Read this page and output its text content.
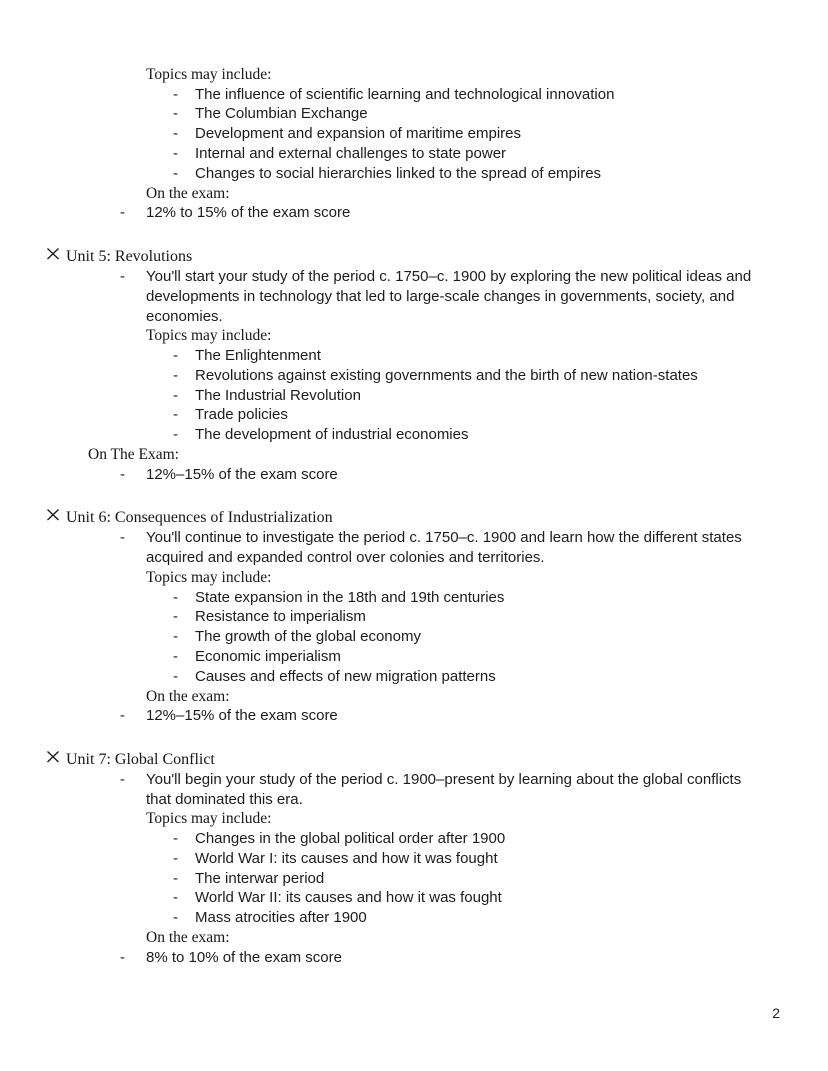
Topics may include:
- The influence of scientific learning and technological innovation
- The Columbian Exchange
- Development and expansion of maritime empires
- Internal and external challenges to state power
- Changes to social hierarchies linked to the spread of empires
On the exam:
- 12% to 15% of the exam score
Unit 5: Revolutions
- You'll start your study of the period c. 1750–c. 1900 by exploring the new political ideas and developments in technology that led to large-scale changes in governments, society, and economies.
Topics may include:
- The Enlightenment
- Revolutions against existing governments and the birth of new nation-states
- The Industrial Revolution
- Trade policies
- The development of industrial economies
On The Exam:
- 12%–15% of the exam score
Unit 6: Consequences of Industrialization
- You'll continue to investigate the period c. 1750–c. 1900 and learn how the different states acquired and expanded control over colonies and territories.
Topics may include:
- State expansion in the 18th and 19th centuries
- Resistance to imperialism
- The growth of the global economy
- Economic imperialism
- Causes and effects of new migration patterns
On the exam:
- 12%–15% of the exam score
Unit 7: Global Conflict
- You'll begin your study of the period c. 1900–present by learning about the global conflicts that dominated this era.
Topics may include:
- Changes in the global political order after 1900
- World War I: its causes and how it was fought
- The interwar period
- World War II: its causes and how it was fought
- Mass atrocities after 1900
On the exam:
- 8% to 10% of the exam score
2
